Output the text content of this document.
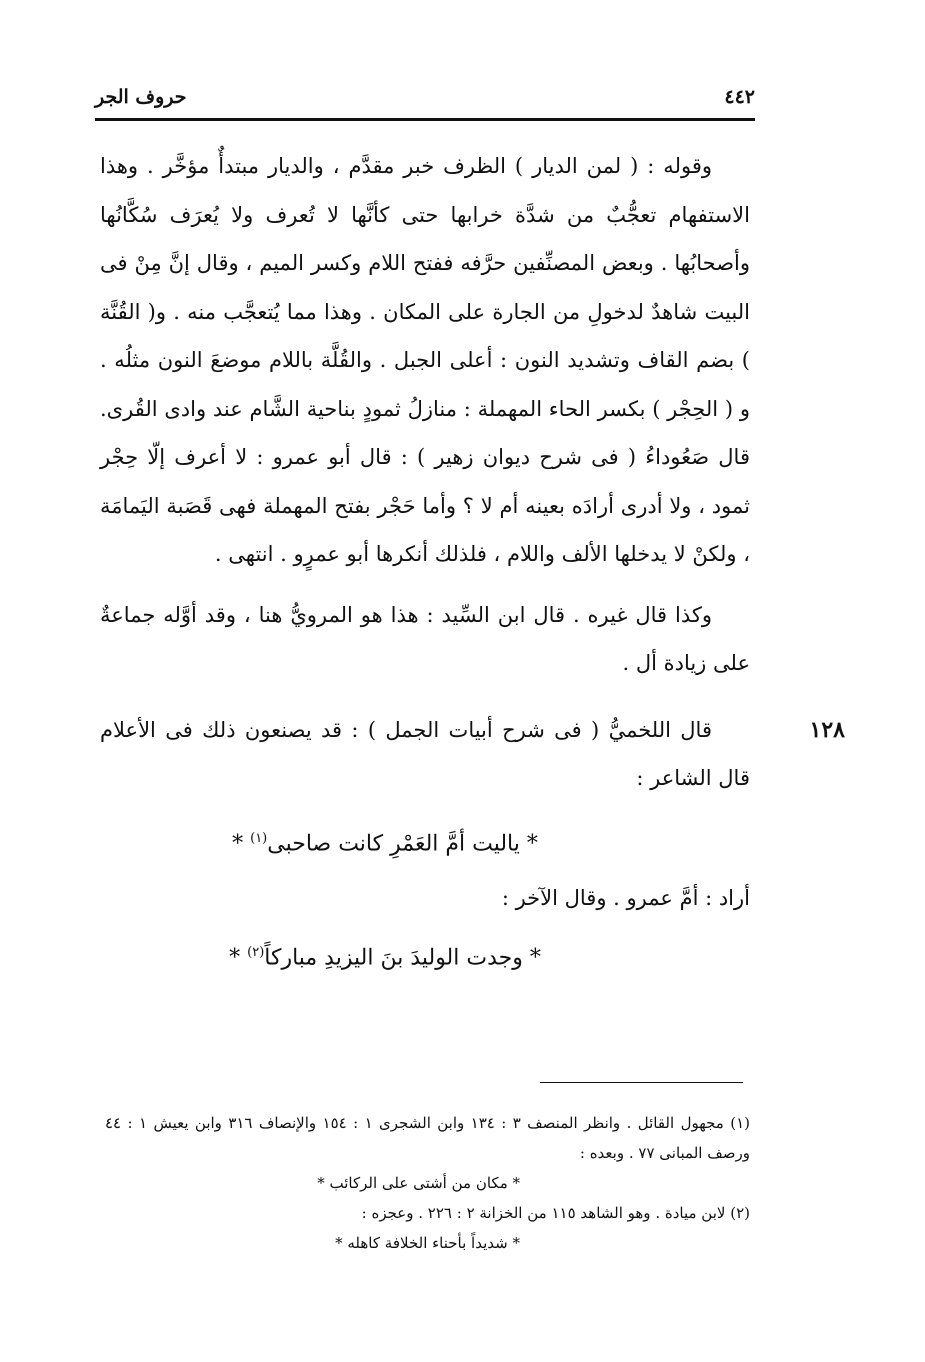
٤٤٢
حروف الجر

وقوله : ( لمن الديار ) الظرف خبر مقدَّم ، والديار مبتدأٌ مؤخَّر . وهذا الاستفهام تعجُّبٌ من شدَّة خرابها حتى كأنَّها لا تُعرف ولا يُعرَف سُكَّانُها وأصحابُها . وبعض المصنِّفين حرَّفه ففتح اللام وكسر الميم ، وقال إنَّ مِنْ فى البيت شاهدٌ لدخولِ من الجارة على المكان . وهذا مما يُتعجَّب منه . و( القُنَّة ) بضم القاف وتشديد النون : أعلى الجبل . والقُلَّة باللام موضعَ النون مثلُه . و ( الحِجْر ) بكسر الحاء المهملة : منازلُ ثمودٍ بناحية الشَّام عند وادى القُرى. قال صَعُوداءُ ( فى شرح ديوان زهير ) : قال أبو عمرو : لا أعرف إلّا حِجْر ثمود ، ولا أدرى أرادَه بعينه أم لا ؟ وأما حَجْر بفتح المهملة فهى قَصَبة اليَمامَة ، ولكنْ لا يدخلها الألف واللام ، فلذلك أنكرها أبو عمرٍو . انتهى .

وكذا قال غيره . قال ابن السِّيد : هذا هو المرويُّ هنا ، وقد أوَّله جماعةٌ على زيادة أل .

١٢٨

قال اللخميُّ ( فى شرح أبيات الجمل ) : قد يصنعون ذلك فى الأعلام قال الشاعر :

* ياليت أمَّ العَمْرِ كانت صاحبى$^{(١)}$ *

أراد : أمَّ عمرو . وقال الآخر :

* وجدت الوليدَ بنَ اليزيدِ مباركاً$^{(٢)}$ *

(١) مجهول القائل . وانظر المنصف ٣ : ١٣٤ وابن الشجرى ١ : ١٥٤ والإنصاف ٣١٦ وابن يعيش ١ : ٤٤ ورصف المبانى ٧٧ . وبعده :

* مكان من أشتى على الركائب *

(٢) لابن ميادة . وهو الشاهد ١١٥ من الخزانة ٢ : ٢٢٦ . وعجزه :

* شديداً بأحناء الخلافة كاهله *
